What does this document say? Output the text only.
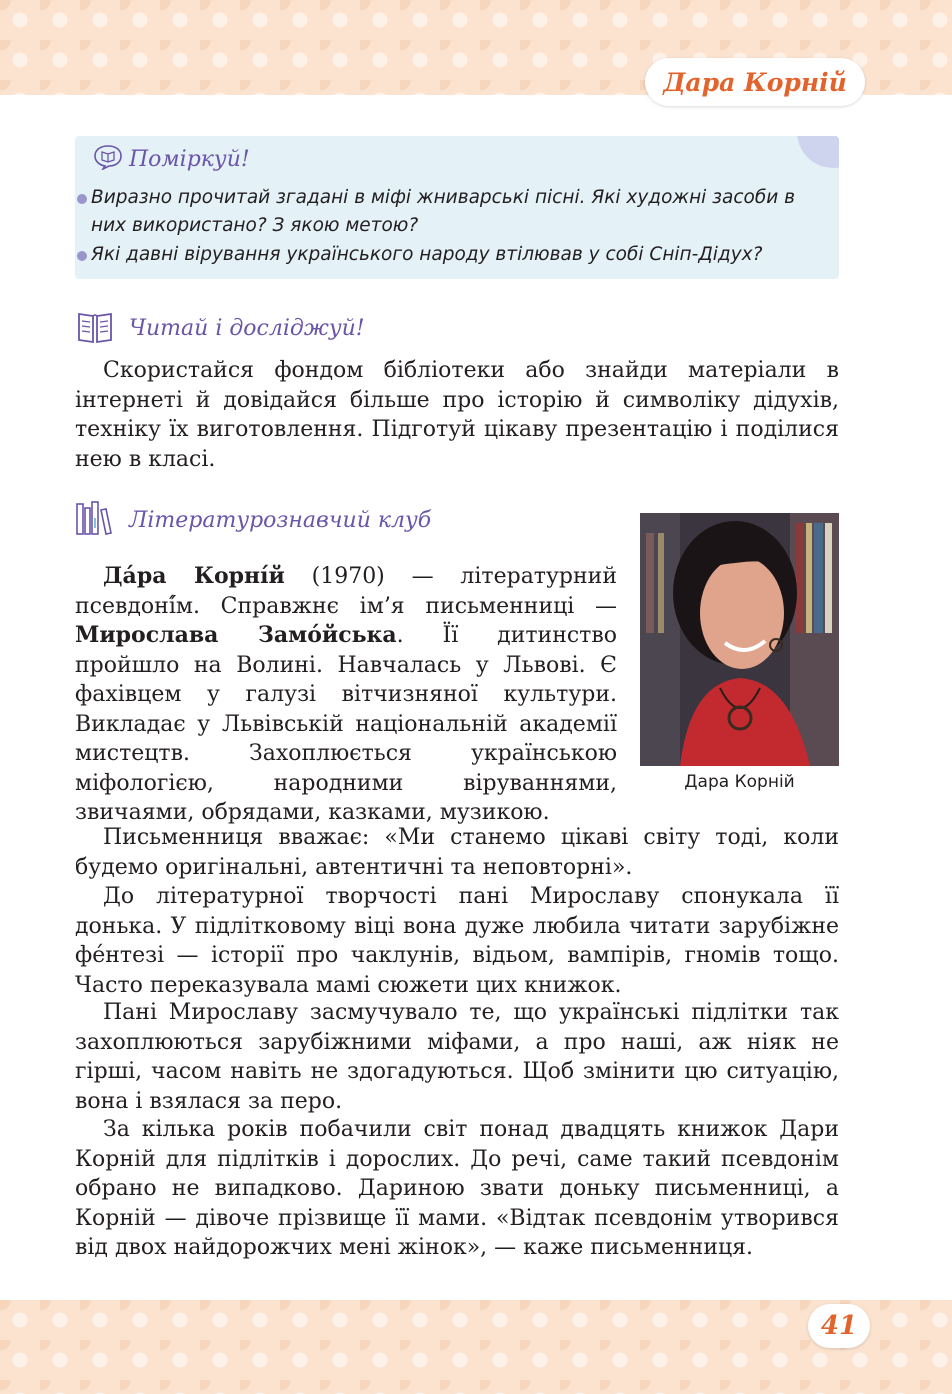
Дара Корній
Поміркуй!
Виразно прочитай згадані в міфі жниварські пісні. Які художні засоби в них використано? З якою метою?
Які давні вірування українського народу втілював у собі Сніп-Дідух?
Читай і досліджуй!
Скористайся фондом бібліотеки або знайди матеріали в інтернеті й довідайся більше про історію й символіку дідухів, техніку їх виготовлення. Підготуй цікаву презентацію і поділися нею в класі.
Літературознавчий клуб
Дара Корній
Да́ра Корні́й (1970) — літературний псевдонí́м. Справжнє ім’я письменниці — Мирослава Замо́йська. Її дитинство пройшло на Волині. Навчалась у Львові. Є фахівцем у галузі вітчизняної культури. Викладає у Львівській національній академії мистецтв. Захоплюється українською міфологією, народними віруваннями, звичаями, обрядами, казками, музикою.
Письменниця вважає: «Ми станемо цікаві світу тоді, коли будемо оригінальні, автентичні та неповторні».
До літературної творчості пані Мирославу спонукала її донька. У підлітковому віці вона дуже любила читати зарубіжне фе́нтезі — історії про чаклунів, відьом, вампірів, гномів тощо. Часто переказувала мамі сюжети цих книжок.
Пані Мирославу засмучувало те, що українські підлітки так захоплюються зарубіжними міфами, а про наші, аж ніяк не гірші, часом навіть не здогадуються. Щоб змінити цю ситуацію, вона і взялася за перо.
За кілька років побачили світ понад двадцять книжок Дари Корній для підлітків і дорослих. До речі, саме такий псевдонім обрано не випадково. Дариною звати доньку письменниці, а Корній — дівоче прізвище її мами. «Відтак псевдонім утворився від двох найдорожчих мені жінок», — каже письменниця.
41
